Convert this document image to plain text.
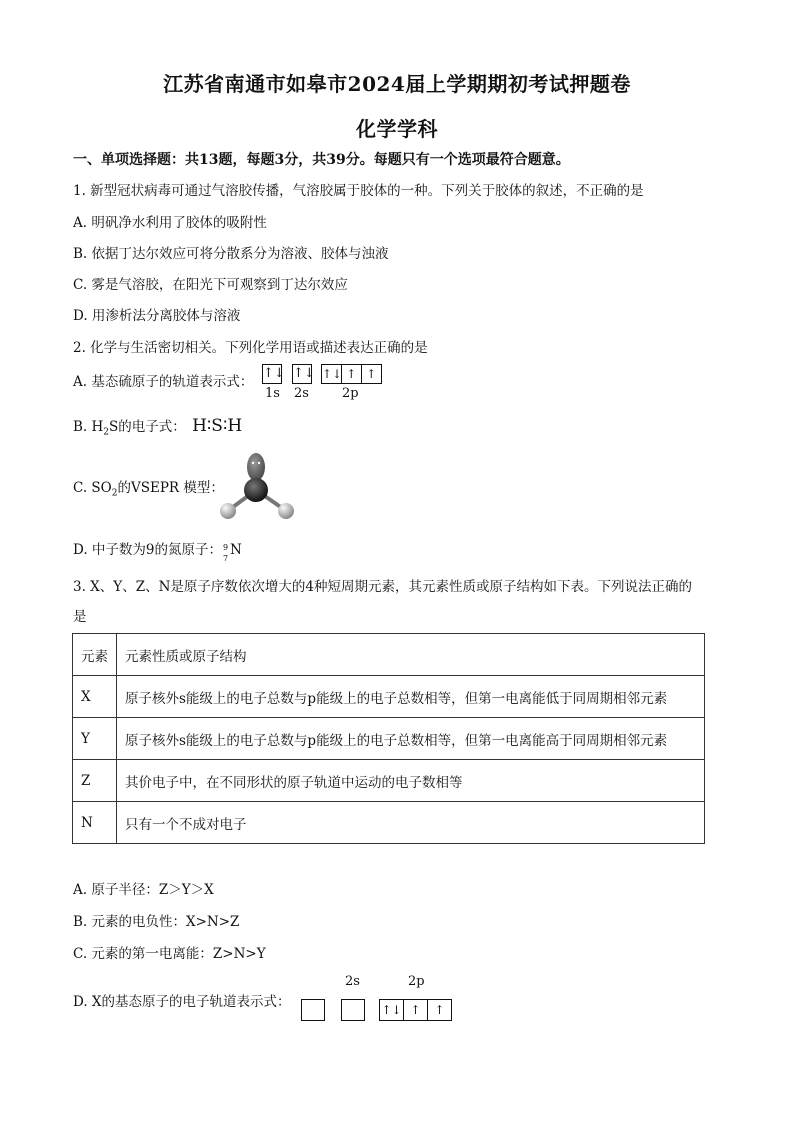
江苏省南通市如皋市2024届上学期期初考试押题卷
化学学科
一、单项选择题：共13题，每题3分，共39分。每题只有一个选项最符合题意。
1. 新型冠状病毒可通过气溶胶传播，气溶胶属于胶体的一种。下列关于胶体的叙述，不正确的是
A. 明矾净水利用了胶体的吸附性
B. 依据丁达尔效应可将分散系分为溶液、胶体与浊液
C. 雾是气溶胶，在阳光下可观察到丁达尔效应
D. 用渗析法分离胶体与溶液
2. 化学与生活密切相关。下列化学用语或描述表达正确的是
A. 基态硫原子的轨道表示式：
↑↓ ↑↓ ↑↓ ↑ ↑
1s 2s	2p
B. $H_2S$的电子式： H∶S∶H
C. $SO_2$的VSEPR 模型：
D. 中子数为9的氮原子： 9
7
N
3. X、Y、Z、N是原子序数依次增大的4种短周期元素，其元素性质或原子结构如下表。下列说法正确的
是
元素	元素性质或原子结构
X	原子核外s能级上的电子总数与p能级上的电子总数相等，但第一电离能低于同周期相邻元素
Y	原子核外s能级上的电子总数与p能级上的电子总数相等，但第一电离能高于同周期相邻元素
Z	其价电子中，在不同形状的原子轨道中运动的电子数相等
N	只有一个不成对电子
A. 原子半径：Z＞Y＞X
B. 元素的电负性：X>N>Z
C. 元素的第一电离能：Z>N>Y
D. X的基态原子的电子轨道表示式：
2s	2p
↑↓ ↑	↑
